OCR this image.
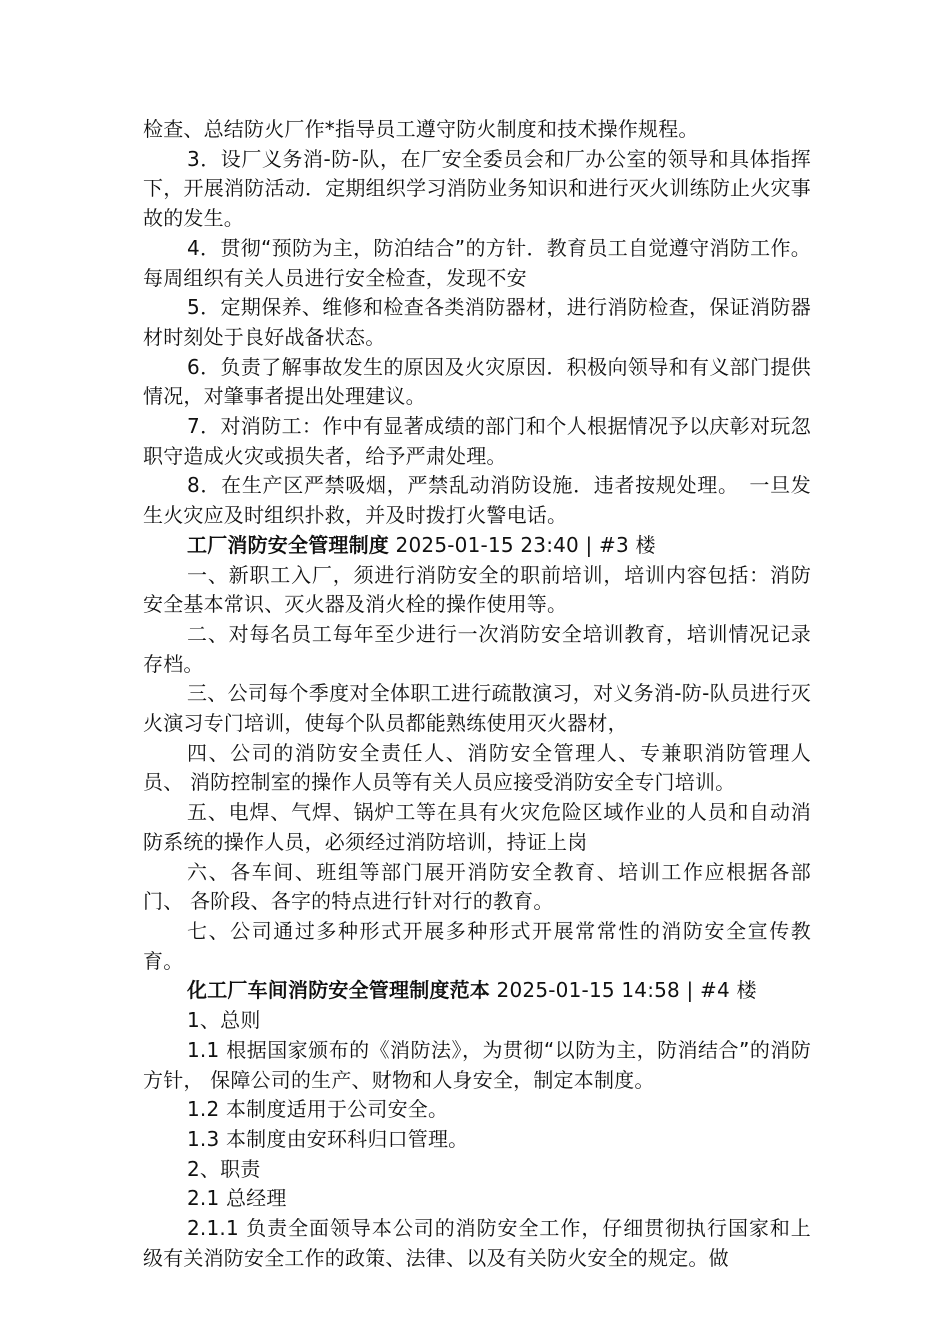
检查、总结防火厂作*指导员工遵守防火制度和技术操作规程。

3．设厂义务消-防-队，在厂安全委员会和厂办公室的领导和具体指挥下，开展消防活动．定期组织学习消防业务知识和进行灭火训练防止火灾事故的发生。

4．贯彻“预防为主，防泊结合”的方针．教育员工自觉遵守消防工作。每周组织有关人员进行安全检查，发现不安

5．定期保养、维修和检查各类消防器材，进行消防检查，保证消防器材时刻处于良好战备状态。

6．负责了解事故发生的原因及火灾原因．积极向领导和有义部门提供情况，对肇事者提出处理建议。

7．对消防工：作中有显著成绩的部门和个人根据情况予以庆彰对玩忽职守造成火灾或损失者，给予严肃处理。

8．在生产区严禁吸烟，严禁乱动消防设施．违者按规处理。　一旦发生火灾应及时组织扑救，并及时拨打火警电话。

工厂消防安全管理制度 2025-01-15 23:40 | #3 楼

一、新职工入厂，须进行消防安全的职前培训，培训内容包括：消防 安全基本常识、灭火器及消火栓的操作使用等。

二、对每名员工每年至少进行一次消防安全培训教育，培训情况记录 存档。

三、公司每个季度对全体职工进行疏散演习，对义务消-防-队员进行灭 火演习专门培训，使每个队员都能熟练使用灭火器材，

四、公司的消防安全责任人、消防安全管理人、专兼职消防管理人员、 消防控制室的操作人员等有关人员应接受消防安全专门培训。

五、电焊、气焊、锅炉工等在具有火灾危险区域作业的人员和自动消 防系统的操作人员，必须经过消防培训，持证上岗

六、各车间、班组等部门展开消防安全教育、培训工作应根据各部门、 各阶段、各字的特点进行针对行的教育。

七、公司通过多种形式开展多种形式开展常常性的消防安全宣传教育。

化工厂车间消防安全管理制度范本 2025-01-15 14:58 | #4 楼

1、总则

1.1 根据国家颁布的《消防法》，为贯彻“以防为主，防消结合”的消防方针， 保障公司的生产、财物和人身安全，制定本制度。

1.2 本制度适用于公司安全。

1.3 本制度由安环科归口管理。

2、职责

2.1 总经理

2.1.1 负责全面领导本公司的消防安全工作，仔细贯彻执行国家和上级有关消防安全工作的政策、法律、以及有关防火安全的规定。做
